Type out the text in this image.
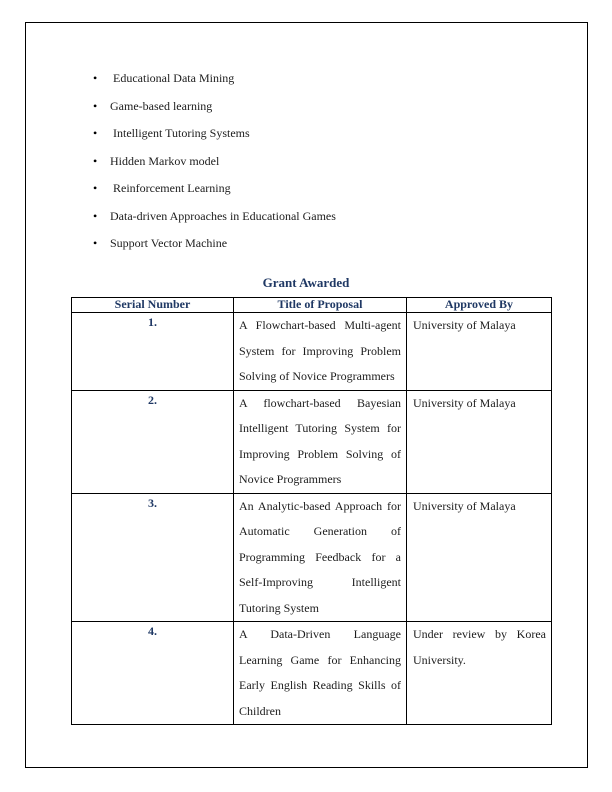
•	Educational Data Mining
•	Game-based learning
•	Intelligent Tutoring Systems
•	Hidden Markov model
•	Reinforcement Learning
•	Data-driven Approaches in Educational Games
•	Support Vector Machine
Grant Awarded
Serial Number	Title of Proposal	Approved By
1.	A Flowchart-based Multi-agent System for Improving Problem Solving of Novice Programmers	University of Malaya
2.	A flowchart-based Bayesian Intelligent Tutoring System for Improving Problem Solving of Novice Programmers	University of Malaya
3.	An Analytic-based Approach for Automatic Generation of Programming Feedback for a Self-Improving Intelligent Tutoring System	University of Malaya
4.	A Data-Driven Language Learning Game for Enhancing Early English Reading Skills of Children	Under review by Korea University.
